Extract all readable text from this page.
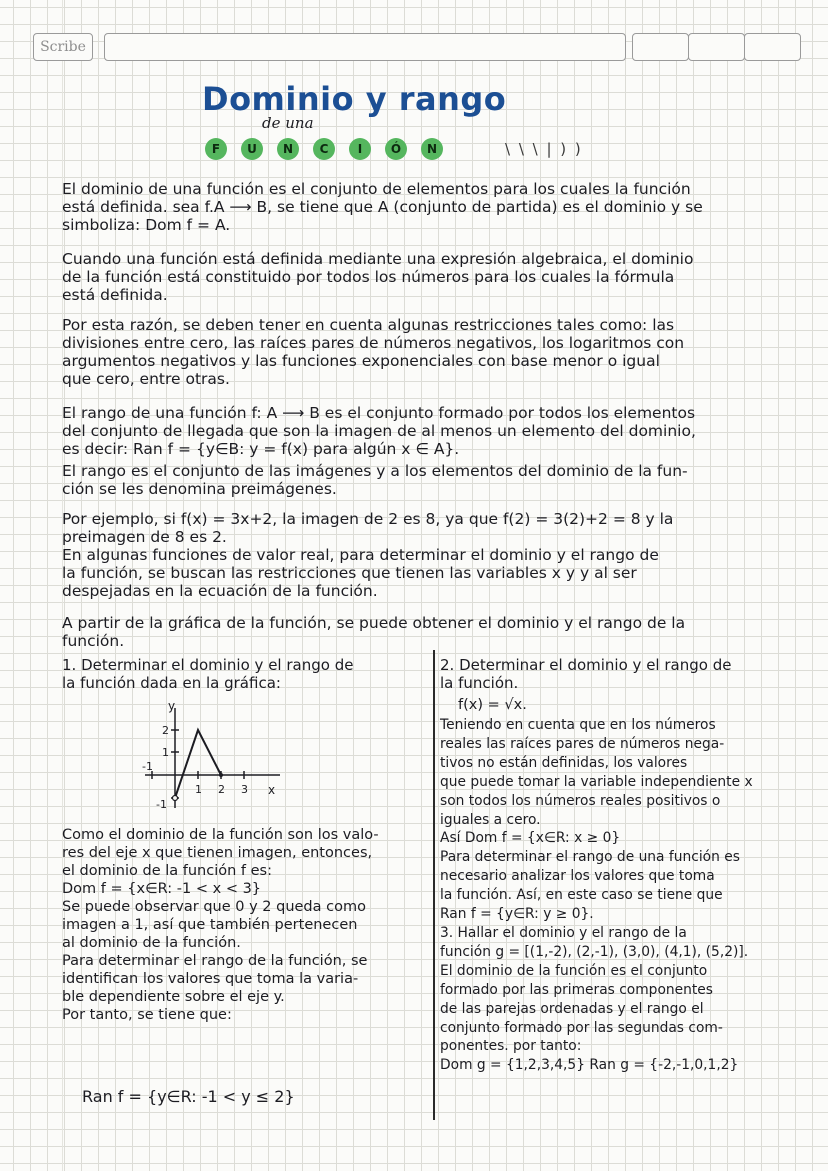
Scribe
Dominio y rango
de una
F	U	N	C	I	Ó	N	\ \ \ | ) )
El dominio de una función es el conjunto de elementos para los cuales la función
está definida. sea f.A ⟶ B, se tiene que A (conjunto de partida) es el dominio y se
simboliza: Dom f = A.
Cuando una función está definida mediante una expresión algebraica, el dominio
de la función está constituido por todos los números para los cuales la fórmula
está definida.
Por esta razón, se deben tener en cuenta algunas restricciones tales como: las
divisiones entre cero, las raíces pares de números negativos, los logaritmos con
argumentos negativos y las funciones exponenciales con base menor o igual
que cero, entre otras.
El rango de una función f: A ⟶ B es el conjunto formado por todos los elementos
del conjunto de llegada que son la imagen de al menos un elemento del dominio,
es decir: Ran f = {y∈B: y = f(x) para algún x ∈ A}.
El rango es el conjunto de las imágenes y a los elementos del dominio de la fun-
ción se les denomina preimágenes.
Por ejemplo, si f(x) = 3x+2, la imagen de 2 es 8, ya que f(2) = 3(2)+2 = 8 y la
preimagen de 8 es 2.
En algunas funciones de valor real, para determinar el dominio y el rango de
la función, se buscan las restricciones que tienen las variables x y y al ser
despejadas en la ecuación de la función.
A partir de la gráfica de la función, se puede obtener el dominio y el rango de la
función.
1. Determinar el dominio y el rango de
la función dada en la gráfica:
y
x
2
1
-1
-1
1 2 3
Como el dominio de la función son los valo-
res del eje x que tienen imagen, entonces,
el dominio de la función f es:
Dom f = {x∈R: -1 < x < 3}
Se puede observar que 0 y 2 queda como
imagen a 1, así que también pertenecen
al dominio de la función.
Para determinar el rango de la función, se
identifican los valores que toma la varia-
ble dependiente sobre el eje y.
Por tanto, se tiene que:
Ran f = {y∈R: -1 < y ≤ 2}
2. Determinar el dominio y el rango de
la función.
f(x) = √x.
Teniendo en cuenta que en los números
reales las raíces pares de números nega-
tivos no están definidas, los valores
que puede tomar la variable independiente x
son todos los números reales positivos o
iguales a cero.
Así Dom f = {x∈R: x ≥ 0}
Para determinar el rango de una función es
necesario analizar los valores que toma
la función. Así, en este caso se tiene que
Ran f = {y∈R: y ≥ 0}.
3. Hallar el dominio y el rango de la
función g = [(1,-2), (2,-1), (3,0), (4,1), (5,2)].
El dominio de la función es el conjunto
formado por las primeras componentes
de las parejas ordenadas y el rango el
conjunto formado por las segundas com-
ponentes. por tanto:
Dom g = {1,2,3,4,5} Ran g = {-2,-1,0,1,2}
